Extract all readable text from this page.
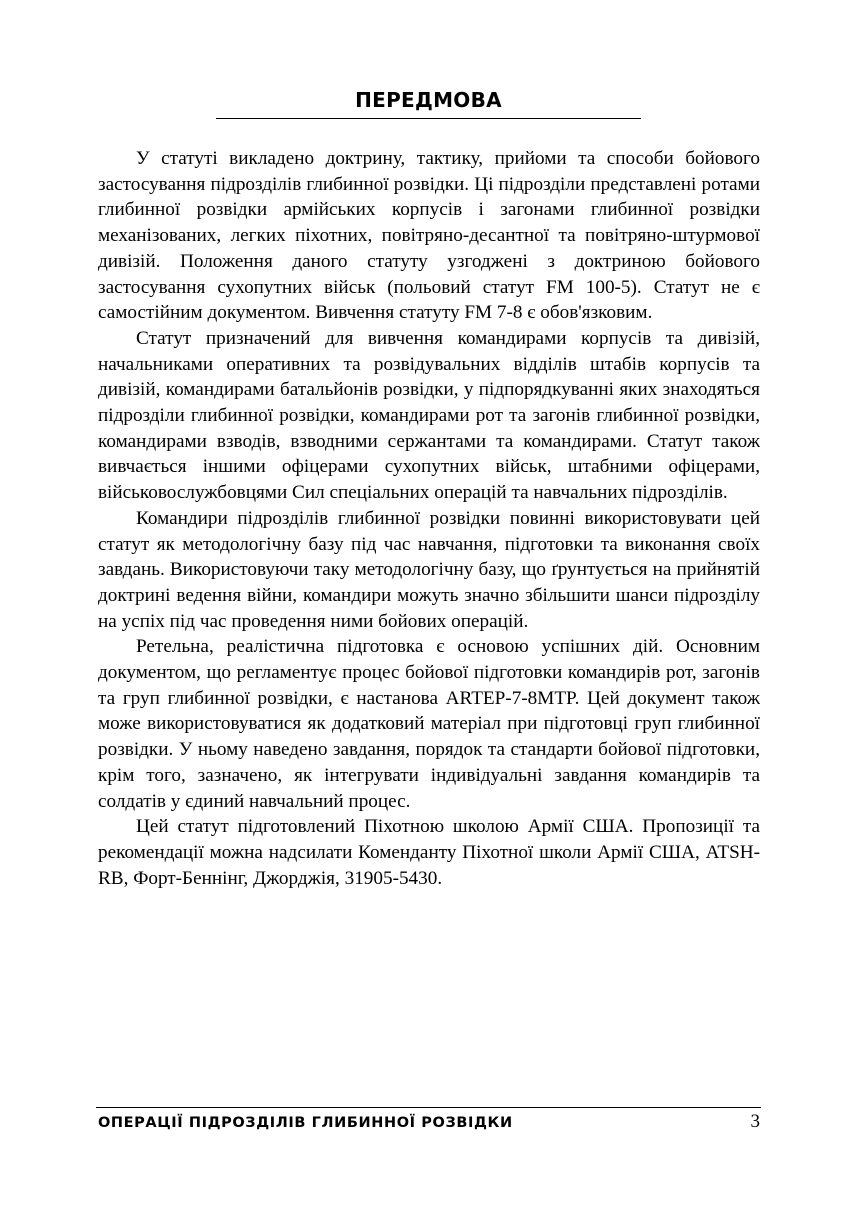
ПЕРЕДМОВА

У статуті викладено доктрину, тактику, прийоми та способи бойового застосування підрозділів глибинної розвідки. Ці підрозділи представлені ротами глибинної розвідки армійських корпусів і загонами глибинної розвідки механізованих, легких піхотних, повітряно-десантної та повітряно-штурмової дивізій. Положення даного статуту узгоджені з доктриною бойового застосування сухопутних військ (польовий статут FM 100-5). Статут не є самостійним документом. Вивчення статуту FM 7-8 є обов'язковим.

Статут призначений для вивчення командирами корпусів та дивізій, начальниками оперативних та розвідувальних відділів штабів корпусів та дивізій, командирами батальйонів розвідки, у підпорядкуванні яких знаходяться підрозділи глибинної розвідки, командирами рот та загонів глибинної розвідки, командирами взводів, взводними сержантами та командирами. Статут також вивчається іншими офіцерами сухопутних військ, штабними офіцерами, військовослужбовцями Сил спеціальних операцій та навчальних підрозділів.

Командири підрозділів глибинної розвідки повинні використовувати цей статут як методологічну базу під час навчання, підготовки та виконання своїх завдань. Використовуючи таку методологічну базу, що ґрунтується на прийнятій доктрині ведення війни, командири можуть значно збільшити шанси підрозділу на успіх під час проведення ними бойових операцій.

Ретельна, реалістична підготовка є основою успішних дій. Основним документом, що регламентує процес бойової підготовки командирів рот, загонів та груп глибинної розвідки, є настанова ARTEP-7-8MTP. Цей документ також може використовуватися як додатковий матеріал при підготовці груп глибинної розвідки. У ньому наведено завдання, порядок та стандарти бойової підготовки, крім того, зазначено, як інтегрувати індивідуальні завдання командирів та солдатів у єдиний навчальний процес.

Цей статут підготовлений Піхотною школою Армії США. Пропозиції та рекомендації можна надсилати Коменданту Піхотної школи Армії США, ATSH-RB, Форт-Беннінг, Джорджія, 31905-5430.

ОПЕРАЦІЇ ПІДРОЗДІЛІВ ГЛИБИННОЇ РОЗВІДКИ	3
